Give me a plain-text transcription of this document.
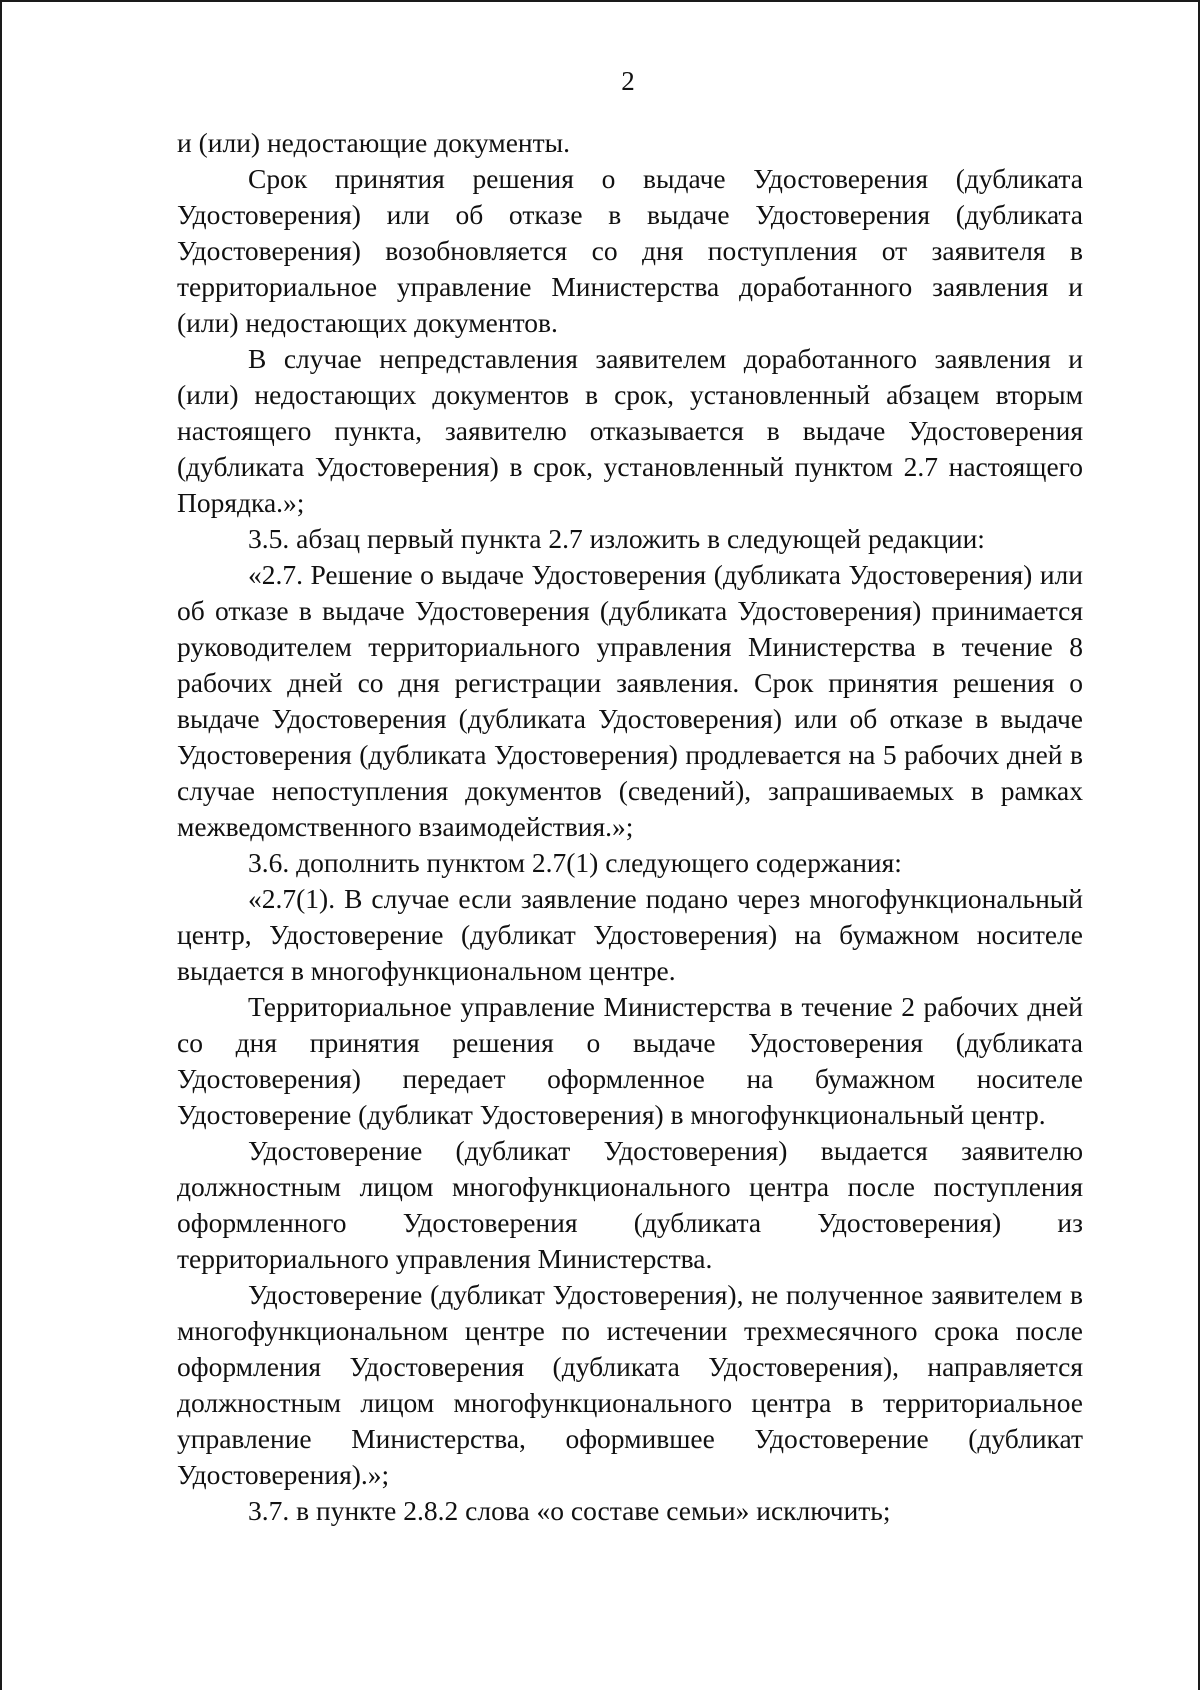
2

и (или) недостающие документы.

Срок принятия решения о выдаче Удостоверения (дубликата Удостоверения) или об отказе в выдаче Удостоверения (дубликата Удостоверения) возобновляется со дня поступления от заявителя в территориальное управление Министерства доработанного заявления и (или) недостающих документов.

В случае непредставления заявителем доработанного заявления и (или) недостающих документов в срок, установленный абзацем вторым настоящего пункта, заявителю отказывается в выдаче Удостоверения (дубликата Удостоверения) в срок, установленный пунктом 2.7 настоящего Порядка.»;

3.5. абзац первый пункта 2.7 изложить в следующей редакции:

«2.7. Решение о выдаче Удостоверения (дубликата Удостоверения) или об отказе в выдаче Удостоверения (дубликата Удостоверения) принимается руководителем территориального управления Министерства в течение 8 рабочих дней со дня регистрации заявления. Срок принятия решения о выдаче Удостоверения (дубликата Удостоверения) или об отказе в выдаче Удостоверения (дубликата Удостоверения) продлевается на 5 рабочих дней в случае непоступления документов (сведений), запрашиваемых в рамках межведомственного взаимодействия.»;

3.6. дополнить пунктом 2.7(1) следующего содержания:

«2.7(1). В случае если заявление подано через многофункциональный центр, Удостоверение (дубликат Удостоверения) на бумажном носителе выдается в многофункциональном центре.

Территориальное управление Министерства в течение 2 рабочих дней со дня принятия решения о выдаче Удостоверения (дубликата Удостоверения) передает оформленное на бумажном носителе Удостоверение (дубликат Удостоверения) в многофункциональный центр.

Удостоверение (дубликат Удостоверения) выдается заявителю должностным лицом многофункционального центра после поступления оформленного Удостоверения (дубликата Удостоверения) из территориального управления Министерства.

Удостоверение (дубликат Удостоверения), не полученное заявителем в многофункциональном центре по истечении трехмесячного срока после оформления Удостоверения (дубликата Удостоверения), направляется должностным лицом многофункционального центра в территориальное управление Министерства, оформившее Удостоверение (дубликат Удостоверения).»;

3.7. в пункте 2.8.2 слова «о составе семьи» исключить;
